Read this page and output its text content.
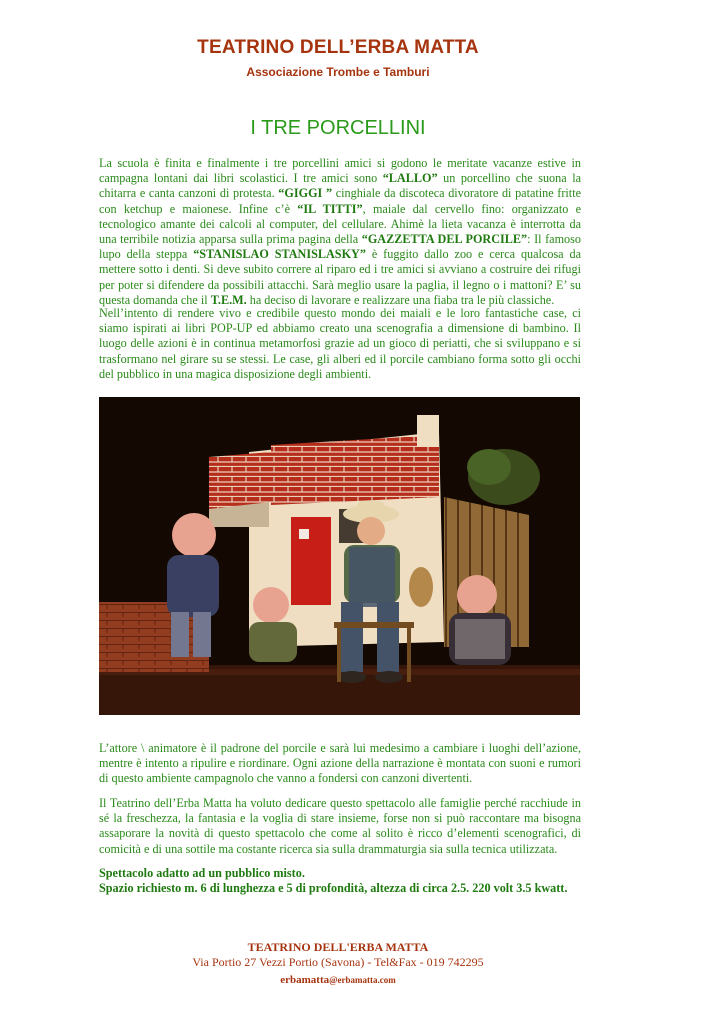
TEATRINO DELL’ERBA MATTA
Associazione Trombe e Tamburi
I TRE PORCELLINI

La scuola è finita e finalmente i tre porcellini amici si godono le meritate vacanze estive in campagna lontani dai libri scolastici. I tre amici sono “LALLO” un porcellino che suona la chitarra e canta canzoni di protesta. “GIGGI ” cinghiale da discoteca divoratore di patatine fritte con ketchup e maionese. Infine c’è “IL TITTI”, maiale dal cervello fino: organizzato e tecnologico amante dei calcoli al computer, del cellulare. Ahimè la lieta vacanza è interrotta da una terribile notizia apparsa sulla prima pagina della “GAZZETTA DEL PORCILE”: Il famoso lupo della steppa “STANISLAO STANISLASKY” è fuggito dallo zoo e cerca qualcosa da mettere sotto i denti. Si deve subito correre al riparo ed i tre amici si avviano a costruire dei rifugi per poter si difendere da possibili attacchi. Sarà meglio usare la paglia, il legno o i mattoni? E’ su questa domanda che il T.E.M. ha deciso di lavorare e realizzare una fiaba tra le più classiche.

Nell’intento di rendere vivo e credibile questo mondo dei maiali e le loro fantastiche case, ci siamo ispirati ai libri POP-UP ed abbiamo creato una scenografia a dimensione di bambino. Il luogo delle azioni è in continua metamorfosi grazie ad un gioco di periatti, che si sviluppano e si trasformano nel girare su se stessi. Le case, gli alberi ed il porcile cambiano forma sotto gli occhi del pubblico in una magica disposizione degli ambienti.

L’attore \ animatore è il padrone del porcile e sarà lui medesimo a cambiare i luoghi dell’azione, mentre è intento a ripulire e riordinare. Ogni azione della narrazione è montata con suoni e rumori di questo ambiente campagnolo che vanno a fondersi con canzoni divertenti.

Il Teatrino dell’Erba Matta ha voluto dedicare questo spettacolo alle famiglie perché racchiude in sé la freschezza, la fantasia e la voglia di stare insieme, forse non si può raccontare ma bisogna assaporare la novità di questo spettacolo che come al solito è ricco d’elementi scenografici, di comicità e di una sottile ma costante ricerca sia sulla drammaturgia sia sulla tecnica utilizzata.

Spettacolo adatto ad un pubblico misto.
Spazio richiesto m. 6 di lunghezza e 5 di profondità, altezza di circa 2.5. 220 volt 3.5 kwatt.
TEATRINO DELL'ERBA MATTA
Via Portio 27 Vezzi Portio (Savona) - Tel&Fax - 019 742295
erbamatta@erbamatta.com
